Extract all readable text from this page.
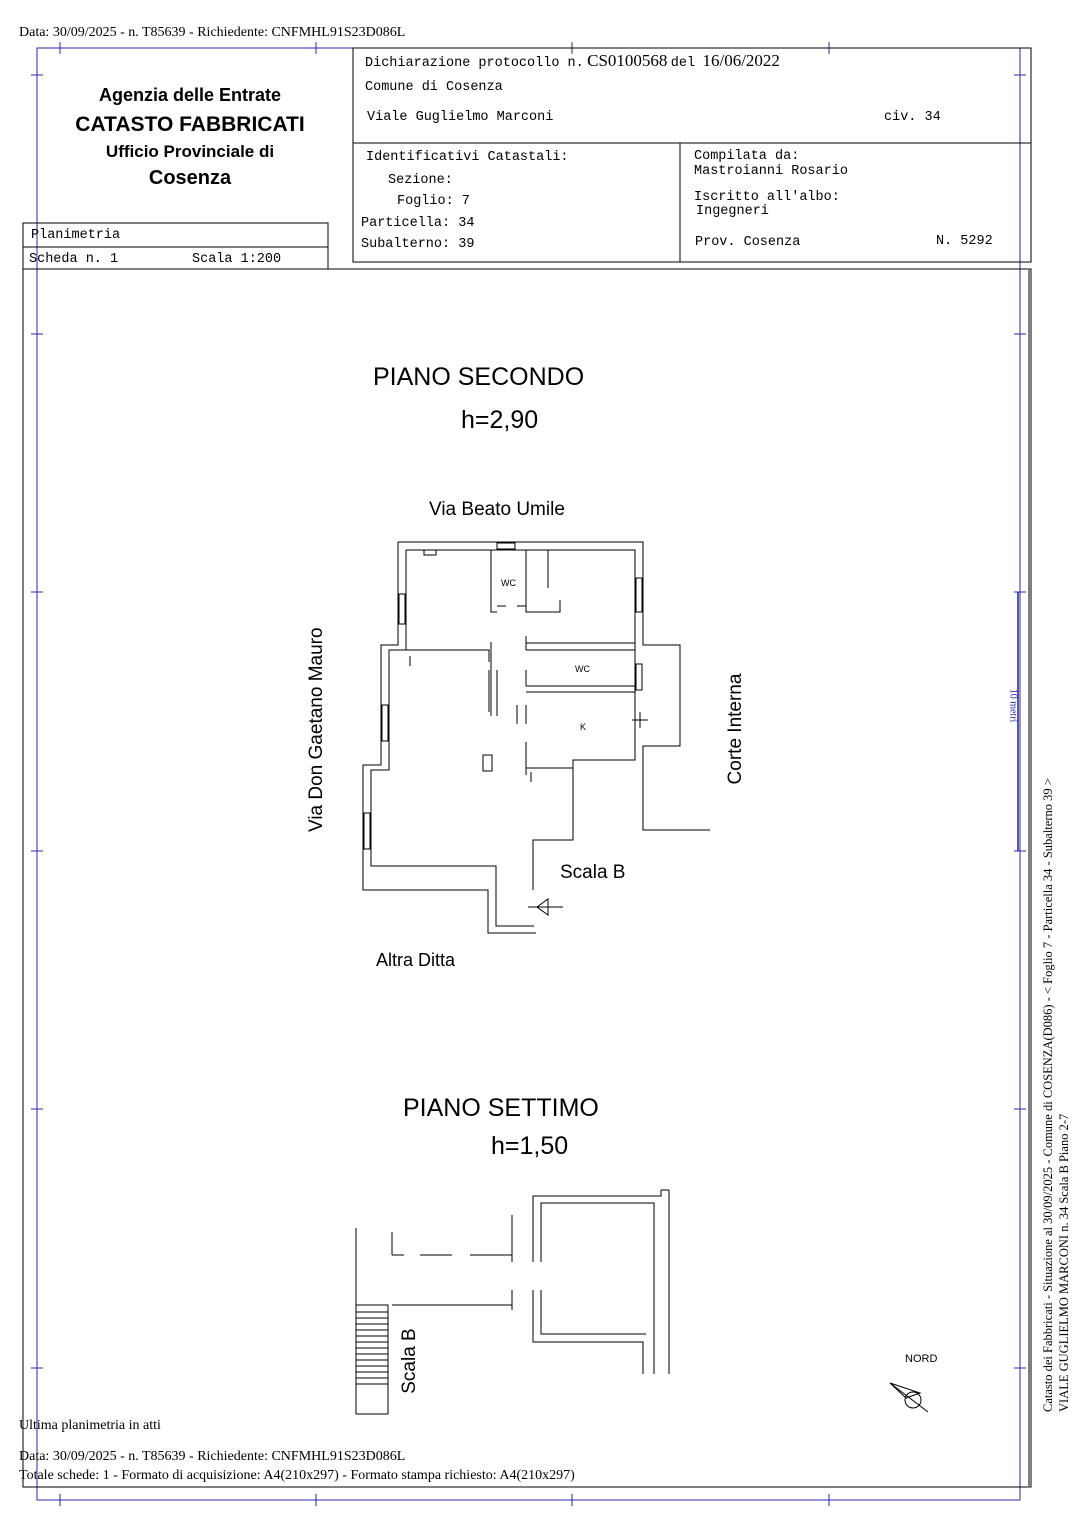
Data: 30/09/2025 - n. T85639 - Richiedente: CNFMHL91S23D086L
Agenzia delle Entrate
CATASTO FABBRICATI
Ufficio Provinciale di
Cosenza
Planimetria
Scheda n. 1	Scala 1:200
Dichiarazione protocollo n. CS0100568 del 16/06/2022
Comune di Cosenza
Viale Guglielmo Marconi	civ. 34
Identificativi Catastali:
Sezione:
Foglio: 7
Particella: 34
Subalterno: 39
Compilata da:
Mastroianni Rosario
Iscritto all'albo:
Ingegneri
Prov. Cosenza	N. 5292
PIANO SECONDO
h=2,90
Via Beato Umile
Via Don Gaetano Mauro	Corte Interna
Scala B
Altra Ditta
WC
WC
K
PIANO SETTIMO
h=1,50
Scala B	NORD
10 metri
Catasto dei Fabbricati - Situazione al 30/09/2025 - Comune di COSENZA(D086) - < Foglio 7 - Particella 34 - Subalterno 39 > VIALE GUGLIELMO MARCONI n. 34 Scala B Piano 2-7
Ultima planimetria in atti
Data: 30/09/2025 - n. T85639 - Richiedente: CNFMHL91S23D086L
Totale schede: 1 - Formato di acquisizione: A4(210x297) - Formato stampa richiesto: A4(210x297)
